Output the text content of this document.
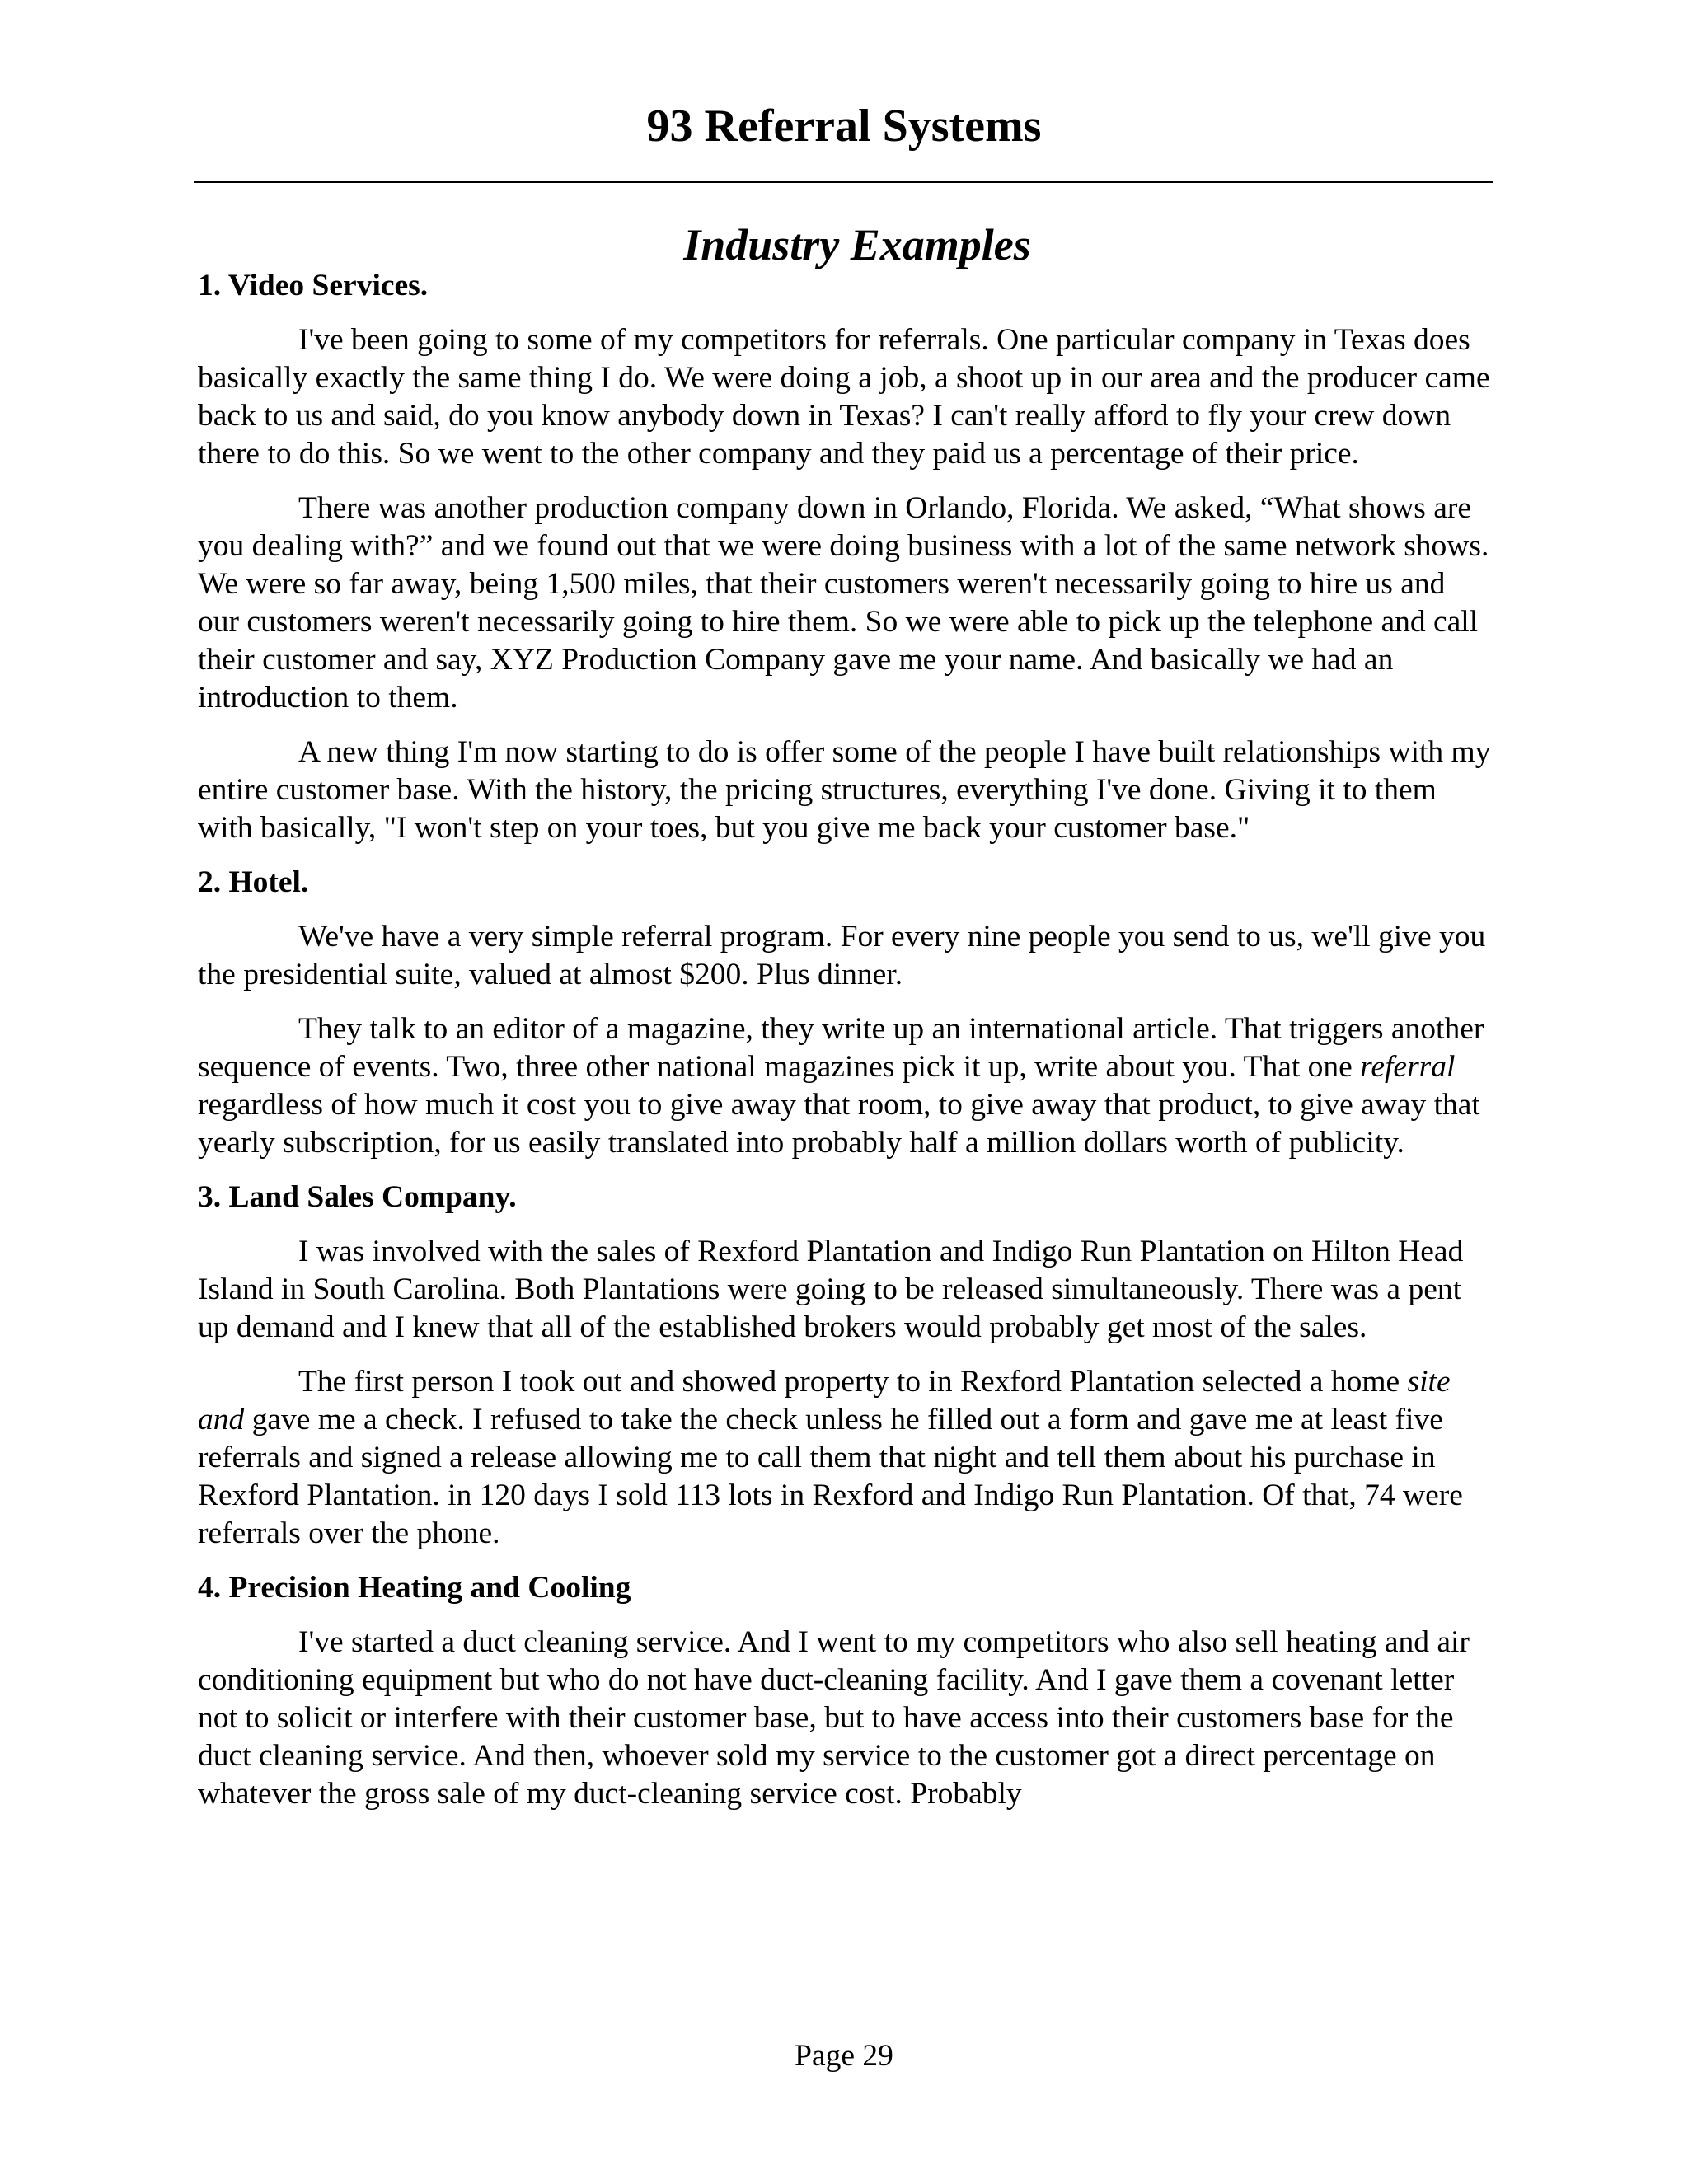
93 Referral Systems
Industry Examples
1. Video Services.

I've been going to some of my competitors for referrals. One particular company in Texas does basically exactly the same thing I do. We were doing a job, a shoot up in our area and the producer came back to us and said, do you know anybody down in Texas? I can't really afford to fly your crew down there to do this. So we went to the other company and they paid us a percentage of their price.

There was another production company down in Orlando, Florida. We asked, “What shows are you dealing with?” and we found out that we were doing business with a lot of the same network shows. We were so far away, being 1,500 miles, that their customers weren't necessarily going to hire us and our customers weren't necessarily going to hire them. So we were able to pick up the telephone and call their customer and say, XYZ Production Company gave me your name. And basically we had an introduction to them.

A new thing I'm now starting to do is offer some of the people I have built relationships with my entire customer base. With the history, the pricing structures, everything I've done. Giving it to them with basically, "I won't step on your toes, but you give me back your customer base."

2. Hotel.

We've have a very simple referral program. For every nine people you send to us, we'll give you the presidential suite, valued at almost $200. Plus dinner.

They talk to an editor of a magazine, they write up an international article. That triggers another sequence of events. Two, three other national magazines pick it up, write about you. That one referral regardless of how much it cost you to give away that room, to give away that product, to give away that yearly subscription, for us easily translated into probably half a million dollars worth of publicity.

3. Land Sales Company.

I was involved with the sales of Rexford Plantation and Indigo Run Plantation on Hilton Head Island in South Carolina. Both Plantations were going to be released simultaneously. There was a pent up demand and I knew that all of the established brokers would probably get most of the sales.

The first person I took out and showed property to in Rexford Plantation selected a home site and gave me a check. I refused to take the check unless he filled out a form and gave me at least five referrals and signed a release allowing me to call them that night and tell them about his purchase in Rexford Plantation. in 120 days I sold 113 lots in Rexford and Indigo Run Plantation. Of that, 74 were referrals over the phone.

4. Precision Heating and Cooling

I've started a duct cleaning service. And I went to my competitors who also sell heating and air conditioning equipment but who do not have duct-cleaning facility. And I gave them a covenant letter not to solicit or interfere with their customer base, but to have access into their customers base for the duct cleaning service. And then, whoever sold my service to the customer got a direct percentage on whatever the gross sale of my duct-cleaning service cost. Probably

Page 29
